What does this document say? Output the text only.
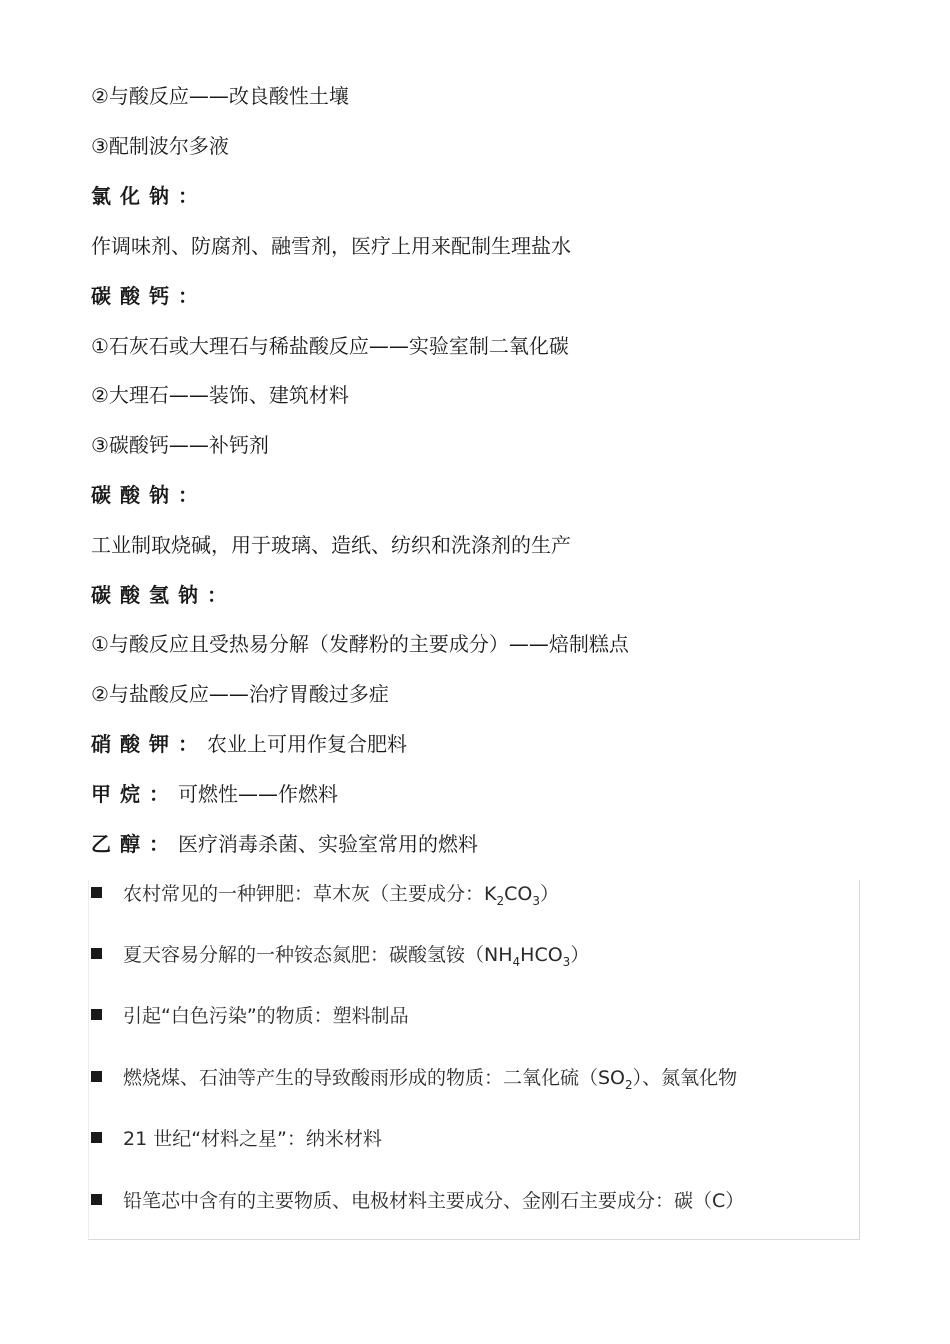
②与酸反应——改良酸性土壤
③配制波尔多液
氯化钠：
作调味剂、防腐剂、融雪剂，医疗上用来配制生理盐水
碳酸钙：
①石灰石或大理石与稀盐酸反应——实验室制二氧化碳
②大理石——装饰、建筑材料
③碳酸钙——补钙剂
碳酸钠：
工业制取烧碱，用于玻璃、造纸、纺织和洗涤剂的生产
碳酸氢钠：
①与酸反应且受热易分解（发酵粉的主要成分）——焙制糕点
②与盐酸反应——治疗胃酸过多症
硝酸钾：农业上可用作复合肥料
甲烷：可燃性——作燃料
乙醇：医疗消毒杀菌、实验室常用的燃料
农村常见的一种钾肥：草木灰（主要成分：$K_2CO_3$）
夏天容易分解的一种铵态氮肥：碳酸氢铵$(NH_4HCO_3)$
引起“白色污染”的物质：塑料制品
燃烧煤、石油等产生的导致酸雨形成的物质：二氧化硫$(SO_2)$、氮氧化物
21 世纪“材料之星”：纳米材料
铅笔芯中含有的主要物质、电极材料主要成分、金刚石主要成分：碳（C）
